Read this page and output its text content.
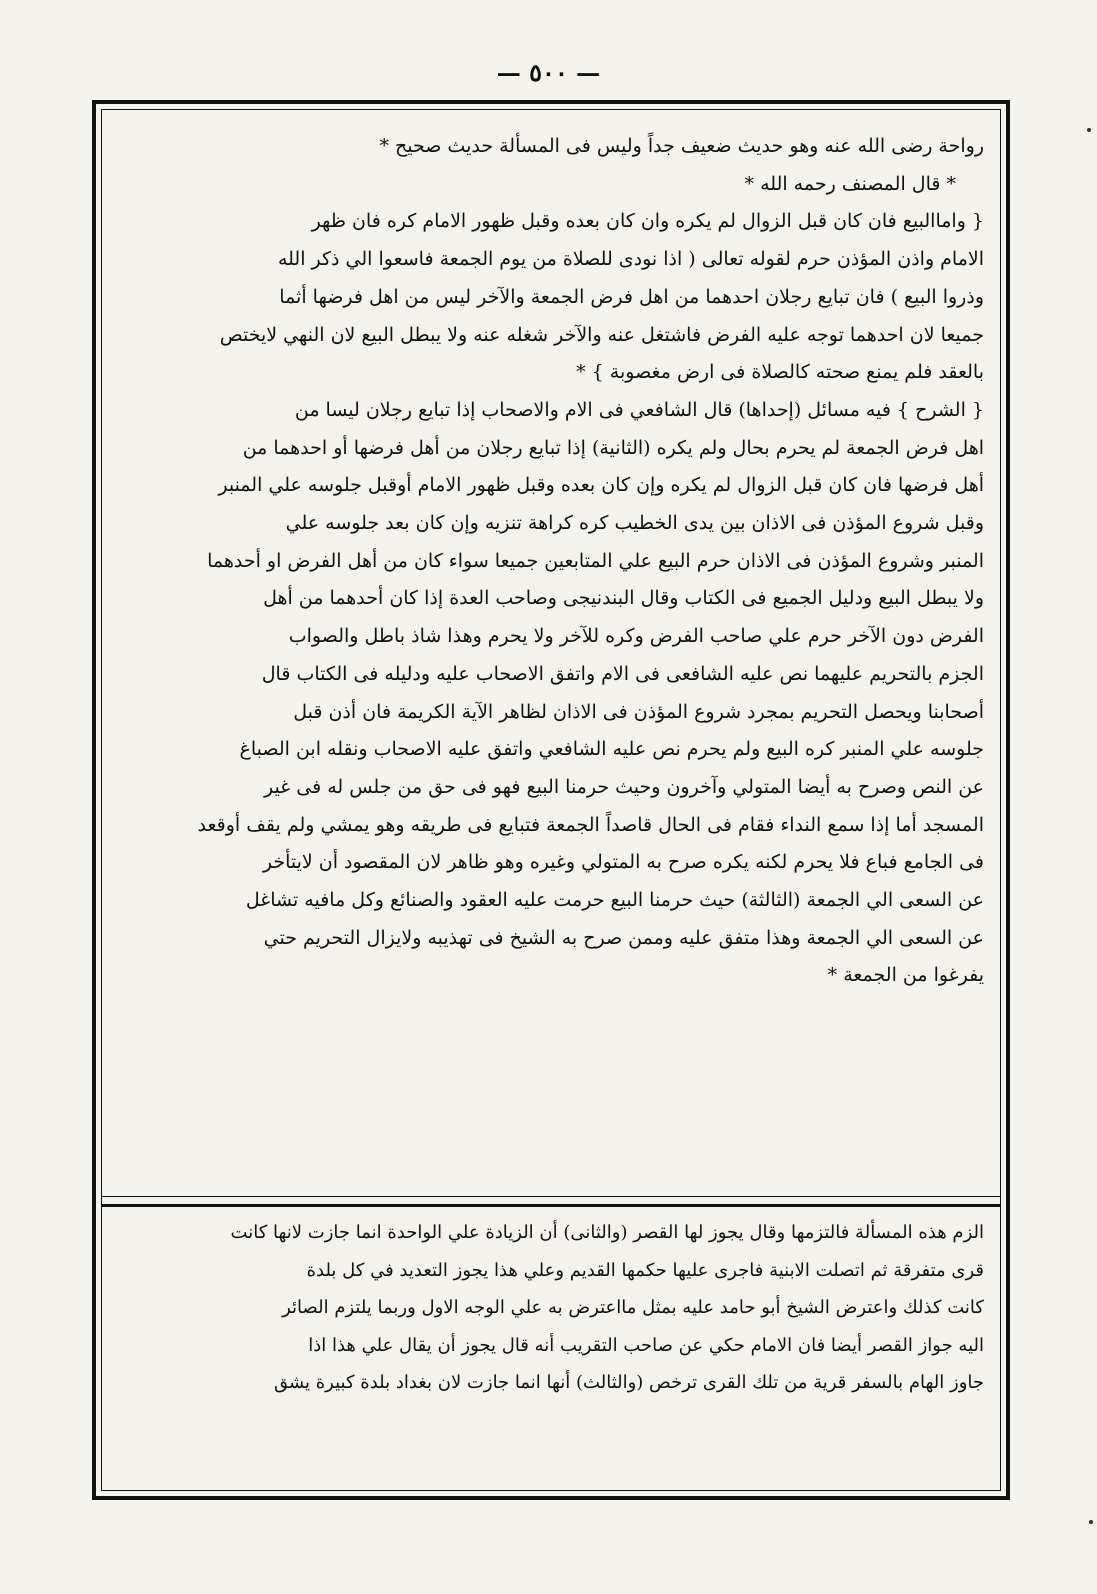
— ٥٠٠ —

رواحة رضى الله عنه وهو حديث ضعيف جداً وليس فى المسألة حديث صحيح *

* قال المصنف رحمه الله *

{ واماالبيع فان كان قبل الزوال لم يكره وان كان بعده وقبل ظهور الامام كره فان ظهر

الامام واذن المؤذن حرم لقوله تعالى ( اذا نودى للصلاة من يوم الجمعة فاسعوا الي ذكر الله

وذروا البيع ) فان تبايع رجلان احدهما من اهل فرض الجمعة والآخر ليس من اهل فرضها أثما

جميعا لان احدهما توجه عليه الفرض فاشتغل عنه والآخر شغله عنه ولا يبطل البيع لان النهي لايختص

بالعقد فلم يمنع صحته كالصلاة فى ارض مغصوبة } *

{ الشرح } فيه مسائل (إحداها) قال الشافعي فى الام والاصحاب إذا تبايع رجلان ليسا من

اهل فرض الجمعة لم يحرم بحال ولم يكره (الثانية) إذا تبايع رجلان من أهل فرضها أو احدهما من

أهل فرضها فان كان قبل الزوال لم يكره وإن كان بعده وقبل ظهور الامام أوقبل جلوسه علي المنبر

وقبل شروع المؤذن فى الاذان بين يدى الخطيب كره كراهة تنزيه وإن كان بعد جلوسه علي

المنبر وشروع المؤذن فى الاذان حرم البيع علي المتابعين جميعا سواء كان من أهل الفرض او أحدهما

ولا يبطل البيع ودليل الجميع فى الكتاب وقال البندنيجى وصاحب العدة إذا كان أحدهما من أهل

الفرض دون الآخر حرم علي صاحب الفرض وكره للآخر ولا يحرم وهذا شاذ باطل والصواب

الجزم بالتحريم عليهما نص عليه الشافعى فى الام واتفق الاصحاب عليه ودليله فى الكتاب قال

أصحابنا ويحصل التحريم بمجرد شروع المؤذن فى الاذان لظاهر الآية الكريمة فان أذن قبل

جلوسه علي المنبر كره البيع ولم يحرم نص عليه الشافعي واتفق عليه الاصحاب ونقله ابن الصباغ

عن النص وصرح به أيضا المتولي وآخرون وحيث حرمنا البيع فهو فى حق من جلس له فى غير

المسجد أما إذا سمع النداء فقام فى الحال قاصداً الجمعة فتبايع فى طريقه وهو يمشي ولم يقف أوقعد

فى الجامع فباع فلا يحرم لكنه يكره صرح به المتولي وغيره وهو ظاهر لان المقصود أن لايتأخر

عن السعى الي الجمعة (الثالثة) حيث حرمنا البيع حرمت عليه العقود والصنائع وكل مافيه تشاغل

عن السعى الي الجمعة وهذا متفق عليه وممن صرح به الشيخ فى تهذيبه ولايزال التحريم حتي

يفرغوا من الجمعة *

الزم هذه المسألة فالتزمها وقال يجوز لها القصر (والثانى) أن الزيادة علي الواحدة انما جازت لانها كانت

قرى متفرقة ثم اتصلت الابنية فاجرى عليها حكمها القديم وعلي هذا يجوز التعديد في كل بلدة

كانت كذلك واعترض الشيخ أبو حامد عليه بمثل مااعترض به علي الوجه الاول وربما يلتزم الصائر

اليه جواز القصر أيضا فان الامام حكي عن صاحب التقريب أنه قال يجوز أن يقال علي هذا اذا

جاوز الهام بالسفر قرية من تلك القرى ترخص (والثالث) أنها انما جازت لان بغداد بلدة كبيرة يشق
